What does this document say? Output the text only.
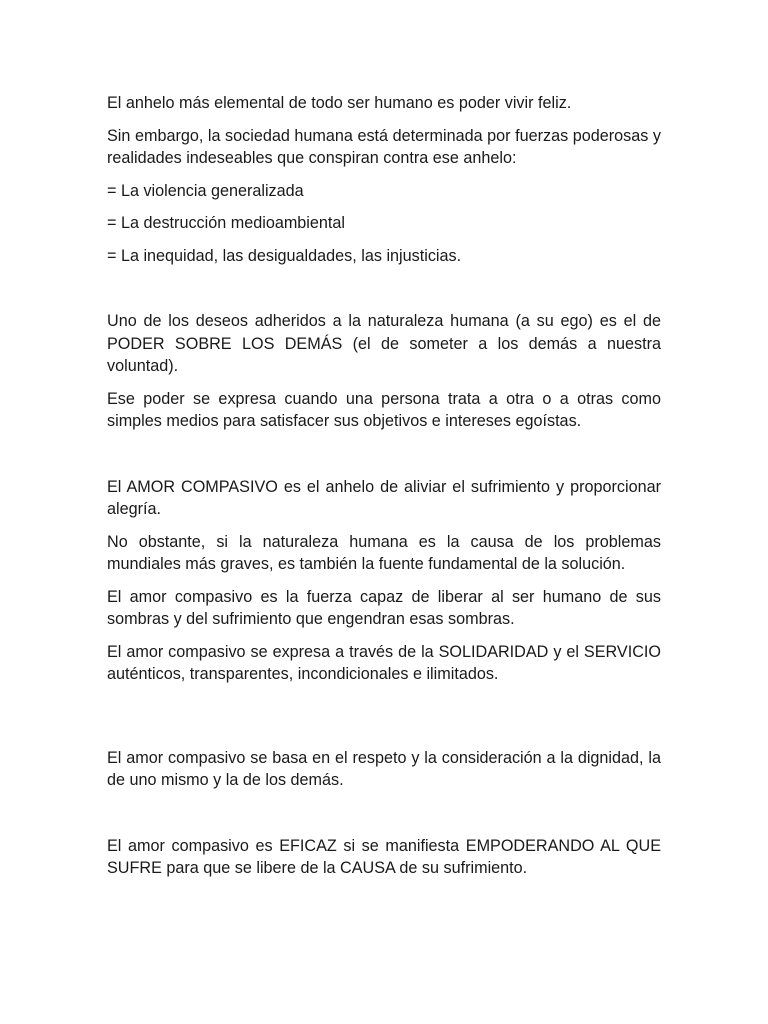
El anhelo más elemental de todo ser humano es poder vivir feliz.

Sin embargo, la sociedad humana está determinada por fuerzas poderosas y realidades indeseables que conspiran contra ese anhelo:

= La violencia generalizada

= La destrucción medioambiental

= La inequidad, las desigualdades, las injusticias.

Uno de los deseos adheridos a la naturaleza humana (a su ego) es el de PODER SOBRE LOS DEMÁS (el de someter a los demás a nuestra voluntad).

Ese poder se expresa cuando una persona trata a otra o a otras como simples medios para satisfacer sus objetivos e intereses egoístas.

El AMOR COMPASIVO es el anhelo de aliviar el sufrimiento y proporcionar alegría.

No obstante, si la naturaleza humana es la causa de los problemas mundiales más graves, es también la fuente fundamental de la solución.

El amor compasivo es la fuerza capaz de liberar al ser humano de sus sombras y del sufrimiento que engendran esas sombras.

El amor compasivo se expresa a través de la SOLIDARIDAD y el SERVICIO auténticos, transparentes, incondicionales e ilimitados.

El amor compasivo se basa en el respeto y la consideración a la dignidad, la de uno mismo y la de los demás.

El amor compasivo es EFICAZ si se manifiesta EMPODERANDO AL QUE SUFRE para que se libere de la CAUSA de su sufrimiento.
